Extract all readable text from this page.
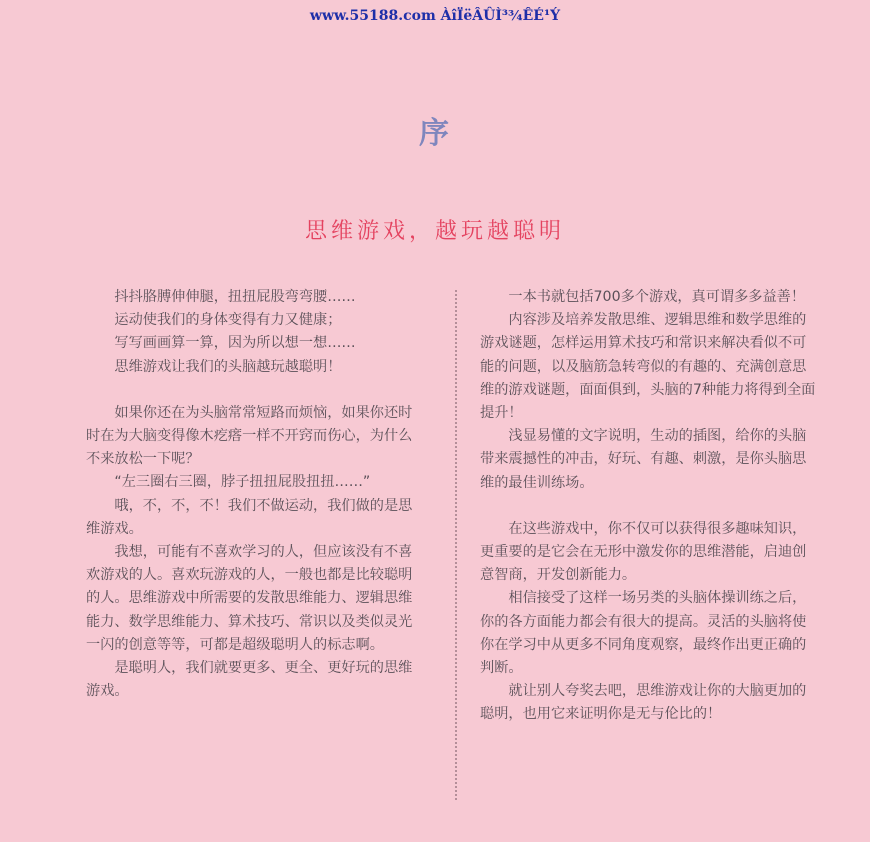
www.55188.com ÀîÏëÂÛÌ³¾ÊÉ¹Ý
序
思维游戏，越玩越聪明

抖抖胳膊伸伸腿，扭扭屁股弯弯腰……

运动使我们的身体变得有力又健康；

写写画画算一算，因为所以想一想……

思维游戏让我们的头脑越玩越聪明！

如果你还在为头脑常常短路而烦恼，如果你还时时在为大脑变得像木疙瘩一样不开窍而伤心，为什么不来放松一下呢？

“左三圈右三圈，脖子扭扭屁股扭扭……”

哦，不，不，不！我们不做运动，我们做的是思维游戏。

我想，可能有不喜欢学习的人，但应该没有不喜欢游戏的人。喜欢玩游戏的人，一般也都是比较聪明的人。思维游戏中所需要的发散思维能力、逻辑思维能力、数学思维能力、算术技巧、常识以及类似灵光一闪的创意等等，可都是超级聪明人的标志啊。

是聪明人，我们就要更多、更全、更好玩的思维游戏。

一本书就包括700多个游戏，真可谓多多益善！

内容涉及培养发散思维、逻辑思维和数学思维的游戏谜题，怎样运用算术技巧和常识来解决看似不可能的问题，以及脑筋急转弯似的有趣的、充满创意思维的游戏谜题，面面俱到，头脑的7种能力将得到全面提升！

浅显易懂的文字说明，生动的插图，给你的头脑带来震撼性的冲击，好玩、有趣、刺激，是你头脑思维的最佳训练场。

在这些游戏中，你不仅可以获得很多趣味知识，更重要的是它会在无形中激发你的思维潜能，启迪创意智商，开发创新能力。

相信接受了这样一场另类的头脑体操训练之后，你的各方面能力都会有很大的提高。灵活的头脑将使你在学习中从更多不同角度观察，最终作出更正确的判断。

就让别人夸奖去吧，思维游戏让你的大脑更加的聪明，也用它来证明你是无与伦比的！
